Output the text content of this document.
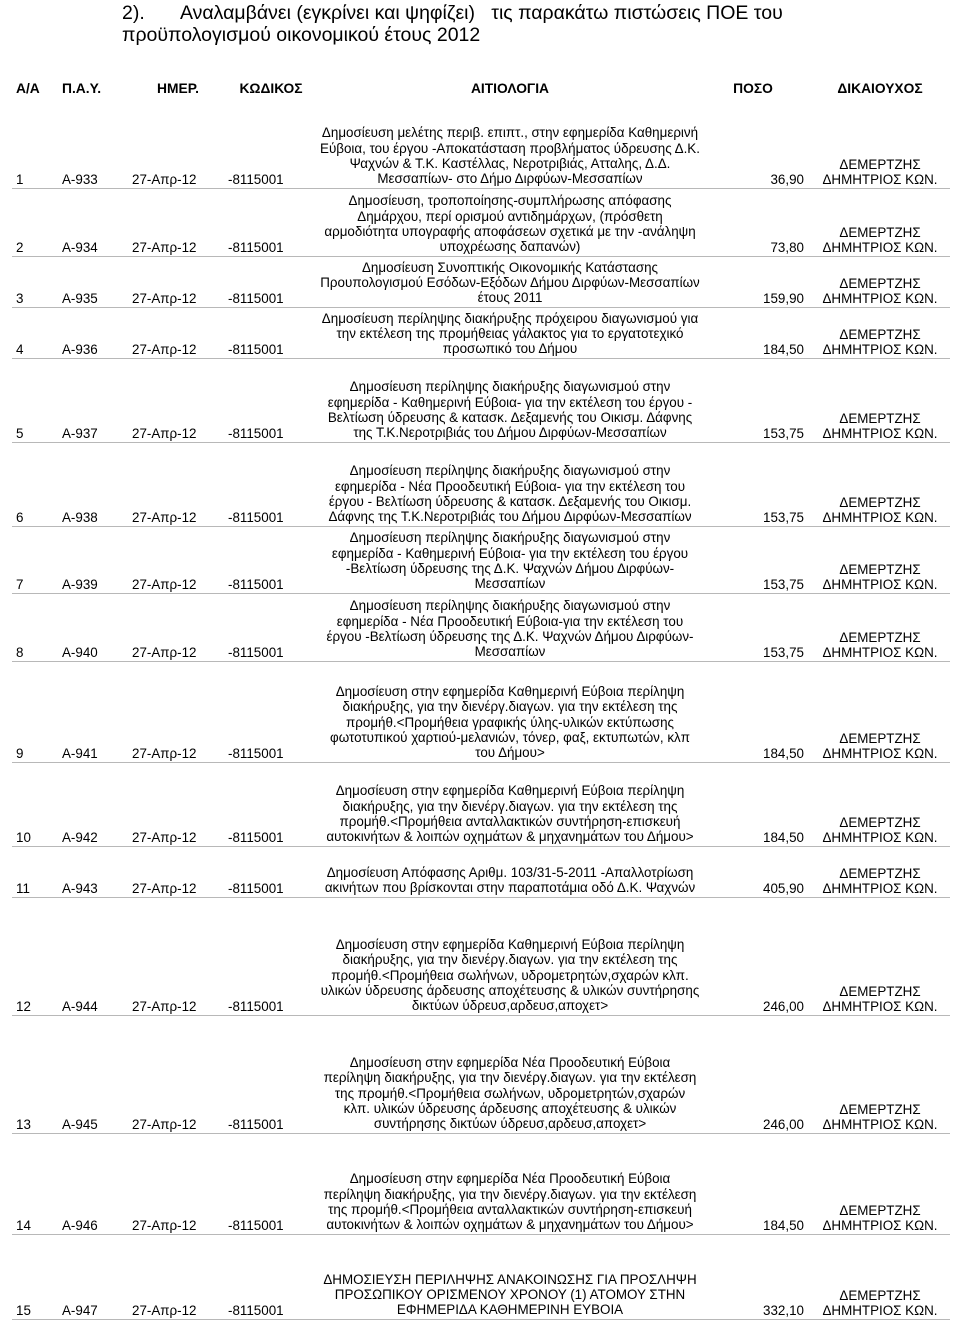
2).	Αναλαμβάνει (εγκρίνει και ψηφίζει)   τις παρακάτω πιστώσεις ΠΟΕ του
προϋπολογισμού οικονομικού έτους 2012
Α/Α	Π.Α.Υ.	ΗΜΕΡ.	ΚΩΔΙΚΟΣ	ΑΙΤΙΟΛΟΓΙΑ	ΠΟΣΟ	ΔΙΚΑΙΟΥΧΟΣ
1	Α-933	27-Απρ-12	-8115001	Δημοσίευση μελέτης περιβ. επιπτ., στην εφημερίδα Καθημερινή Εύβοια, του έργου -Αποκατάσταση προβλήματος ύδρευσης Δ.Κ. Ψαχνών & Τ.Κ. Καστέλλας, Νεροτριβιάς, Ατταλης, Δ.Δ. Μεσσαπίων- στο Δήμο Διρφύων-Μεσσαπίων	36,90	ΔΕΜΕΡΤΖΗΣ
ΔΗΜΗΤΡΙΟΣ ΚΩΝ.

2	Α-934	27-Απρ-12	-8115001	Δημοσίευση, τροποποίησης-συμπλήρωσης απόφασης Δημάρχου, περί ορισμού αντιδημάρχων, (πρόσθετη αρμοδιότητα υπογραφής αποφάσεων σχετικά με την -ανάληψη υποχρέωσης δαπανών)	73,80	ΔΕΜΕΡΤΖΗΣ
ΔΗΜΗΤΡΙΟΣ ΚΩΝ.

3	Α-935	27-Απρ-12	-8115001	Δημοσίευση Συνοπτικής Οικονομικής Κατάστασης Προυπολογισμού Εσόδων-Εξόδων Δήμου Διρφύων-Μεσσαπίων έτους 2011	159,90	ΔΕΜΕΡΤΖΗΣ
ΔΗΜΗΤΡΙΟΣ ΚΩΝ.

4	Α-936	27-Απρ-12	-8115001	Δημοσίευση περίληψης διακήρυξης πρόχειρου διαγωνισμού για την εκτέλεση της προμήθειας γάλακτος για το εργατοτεχικό προσωπικό του Δήμου	184,50	ΔΕΜΕΡΤΖΗΣ
ΔΗΜΗΤΡΙΟΣ ΚΩΝ.

5	Α-937	27-Απρ-12	-8115001	Δημοσίευση περίληψης διακήρυξης διαγωνισμού στην εφημερίδα - Καθημερινή Εύβοια- για την εκτέλεση του έργου - Βελτίωση ύδρευσης & κατασκ. Δεξαμενής του Οικισμ. Δάφνης της Τ.Κ.Νεροτριβιάς του Δήμου Διρφύων-Μεσσαπίων	153,75	ΔΕΜΕΡΤΖΗΣ
ΔΗΜΗΤΡΙΟΣ ΚΩΝ.

6	Α-938	27-Απρ-12	-8115001	Δημοσίευση περίληψης διακήρυξης διαγωνισμού στην εφημερίδα - Νέα Προοδευτική Εύβοια- για την εκτέλεση του έργου - Βελτίωση ύδρευσης & κατασκ. Δεξαμενής του Οικισμ. Δάφνης της Τ.Κ.Νεροτριβιάς του Δήμου Διρφύων-Μεσσαπίων	153,75	ΔΕΜΕΡΤΖΗΣ
ΔΗΜΗΤΡΙΟΣ ΚΩΝ.

7	Α-939	27-Απρ-12	-8115001	Δημοσίευση περίληψης διακήρυξης διαγωνισμού στην εφημερίδα - Καθημερινή Εύβοια- για την εκτέλεση του έργου -Βελτίωση ύδρευσης της Δ.Κ. Ψαχνών Δήμου Διρφύων-Μεσσαπίων	153,75	ΔΕΜΕΡΤΖΗΣ
ΔΗΜΗΤΡΙΟΣ ΚΩΝ.

8	Α-940	27-Απρ-12	-8115001	Δημοσίευση περίληψης διακήρυξης διαγωνισμού στην εφημερίδα - Νέα Προοδευτική Εύβοια-για την εκτέλεση του έργου -Βελτίωση ύδρευσης της Δ.Κ. Ψαχνών Δήμου Διρφύων-Μεσσαπίων	153,75	ΔΕΜΕΡΤΖΗΣ
ΔΗΜΗΤΡΙΟΣ ΚΩΝ.

9	Α-941	27-Απρ-12	-8115001	Δημοσίευση στην εφημερίδα Καθημερινή Εύβοια περίληψη διακήρυξης, για την διενέργ.διαγων. για την εκτέλεση της προμήθ.<Προμήθεια γραφικής ύλης-υλικών εκτύπωσης φωτοτυπικού χαρτιού-μελανιών, τόνερ, φαξ, εκτυπωτών, κλπ του Δήμου>	184,50	ΔΕΜΕΡΤΖΗΣ
ΔΗΜΗΤΡΙΟΣ ΚΩΝ.

10	Α-942	27-Απρ-12	-8115001	Δημοσίευση στην εφημερίδα Καθημερινή Εύβοια περίληψη διακήρυξης, για την διενέργ.διαγων. για την εκτέλεση της προμήθ.<Προμήθεια ανταλλακτικών συντήρηση-επισκευή αυτοκινήτων & λοιπών οχημάτων & μηχανημάτων του Δήμου>	184,50	ΔΕΜΕΡΤΖΗΣ
ΔΗΜΗΤΡΙΟΣ ΚΩΝ.

11	Α-943	27-Απρ-12	-8115001	Δημοσίευση Απόφασης Αριθμ. 103/31-5-2011 -Απαλλοτρίωση ακινήτων που βρίσκονται στην παραποτάμια οδό Δ.Κ. Ψαχνών	405,90	ΔΕΜΕΡΤΖΗΣ
ΔΗΜΗΤΡΙΟΣ ΚΩΝ.

12	Α-944	27-Απρ-12	-8115001	Δημοσίευση στην εφημερίδα Καθημερινή Εύβοια περίληψη διακήρυξης, για την διενέργ.διαγων. για την εκτέλεση της προμήθ.<Προμήθεια σωλήνων, υδρομετρητών,σχαρών κλπ. υλικών ύδρευσης άρδευσης αποχέτευσης & υλικών συντήρησης δικτύων ύδρευσ,αρδευσ,αποχετ>	246,00	ΔΕΜΕΡΤΖΗΣ
ΔΗΜΗΤΡΙΟΣ ΚΩΝ.

13	Α-945	27-Απρ-12	-8115001	Δημοσίευση στην εφημερίδα Νέα Προοδευτική Εύβοια περίληψη διακήρυξης, για την διενέργ.διαγων. για την εκτέλεση της προμήθ.<Προμήθεια σωλήνων, υδρομετρητών,σχαρών κλπ. υλικών ύδρευσης άρδευσης αποχέτευσης & υλικών συντήρησης δικτύων ύδρευσ,αρδευσ,αποχετ>	246,00	ΔΕΜΕΡΤΖΗΣ
ΔΗΜΗΤΡΙΟΣ ΚΩΝ.

14	Α-946	27-Απρ-12	-8115001	Δημοσίευση στην εφημερίδα Νέα Προοδευτική Εύβοια περίληψη διακήρυξης, για την διενέργ.διαγων. για την εκτέλεση της προμήθ.<Προμήθεια ανταλλακτικών συντήρηση-επισκευή αυτοκινήτων & λοιπών οχημάτων & μηχανημάτων του Δήμου>	184,50	ΔΕΜΕΡΤΖΗΣ
ΔΗΜΗΤΡΙΟΣ ΚΩΝ.

15	Α-947	27-Απρ-12	-8115001	ΔΗΜΟΣΙΕΥΣΗ ΠΕΡΙΛΗΨΗΣ ΑΝΑΚΟΙΝΩΣΗΣ ΓΙΑ ΠΡΟΣΛΗΨΗ ΠΡΟΣΩΠΙΚΟΥ ΟΡΙΣΜΕΝΟΥ ΧΡΟΝΟΥ (1) ΑΤΟΜΟΥ ΣΤΗΝ ΕΦΗΜΕΡΙΔΑ ΚΑΘΗΜΕΡΙΝΗ ΕΥΒΟΙΑ	332,10	ΔΕΜΕΡΤΖΗΣ
ΔΗΜΗΤΡΙΟΣ ΚΩΝ.
